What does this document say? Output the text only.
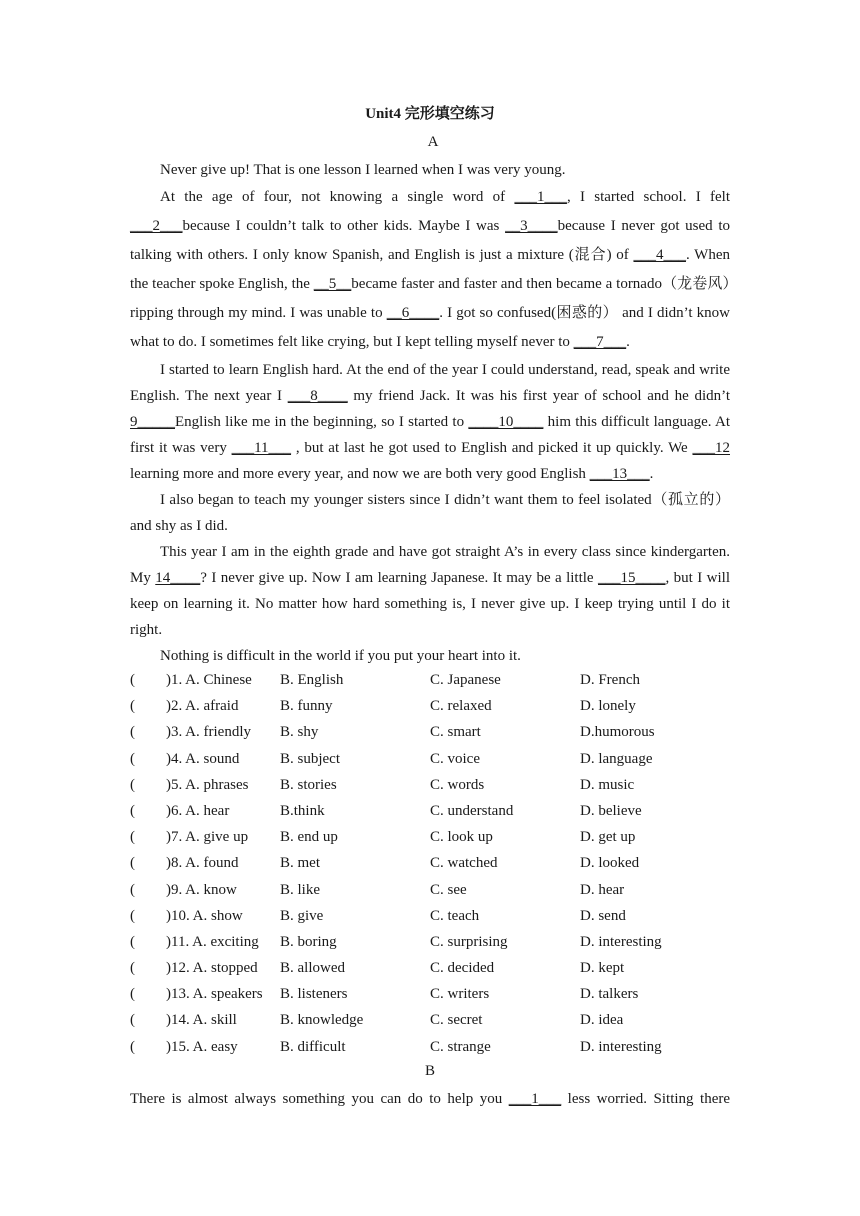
Unit4 完形填空练习
A

Never give up! That is one lesson I learned when I was very young.

At the age of four, not knowing a single word of ___1___, I started school. I felt ___2___because I couldn’t talk to other kids. Maybe I was __3____because I never got used to talking with others. I only know Spanish, and English is just a mixture (混合) of ___4___. When the teacher spoke English, the __5__became faster and faster and then became a tornado（龙卷风）ripping through my mind. I was unable to __6____. I got so confused(困惑的） and I didn’t know what to do. I sometimes felt like crying, but I kept telling myself never to ___7___.

I started to learn English hard. At the end of the year I could understand, read, speak and write English. The next year I ___8____ my friend Jack. It was his first year of school and he didn’t 9_____English like me in the beginning, so I started to ____10____ him this difficult language. At first it was very ___11___ , but at last he got used to English and picked it up quickly. We ___12 learning more and more every year, and now we are both very good English ___13___.

I also began to teach my younger sisters since I didn’t want them to feel isolated（孤立的）and shy as I did.

This year I am in the eighth grade and have got straight A’s in every class since kindergarten. My 14____? I never give up. Now I am learning Japanese. It may be a little ___15____, but I will keep on learning it. No matter how hard something is, I never give up. I keep trying until I do it right.

Nothing is difficult in the world if you put your heart into it.

( )1. A. Chinese B. English	C. Japanese	D. French
( )2. A. afraid	B. funny	C. relaxed	D. lonely
( )3. A. friendly B. shy	C. smart	D.humorous
( )4. A. sound	B. subject	C. voice	D. language
( )5. A. phrases B. stories	C. words	D. music
( )6. A. hear	B.think	C. understand	D. believe
( )7. A. give up B. end up	C. look up	D. get up
( )8. A. found	B. met	C. watched	D. looked
( )9. A. know	B. like	C. see	D. hear
( )10. A. show B. give	C. teach	D. send
( )11. A. exciting B. boring	C. surprising	D. interesting
( )12. A. stopped B. allowed	C. decided	D. kept
( )13. A. speakers B. listeners	C. writers	D. talkers
( )14. A. skill	B. knowledge	C. secret	D. idea
( )15. A. easy	B. difficult	C. strange	D. interesting
B
There is almost always something you can do to help you ___1___ less worried. Sitting there
